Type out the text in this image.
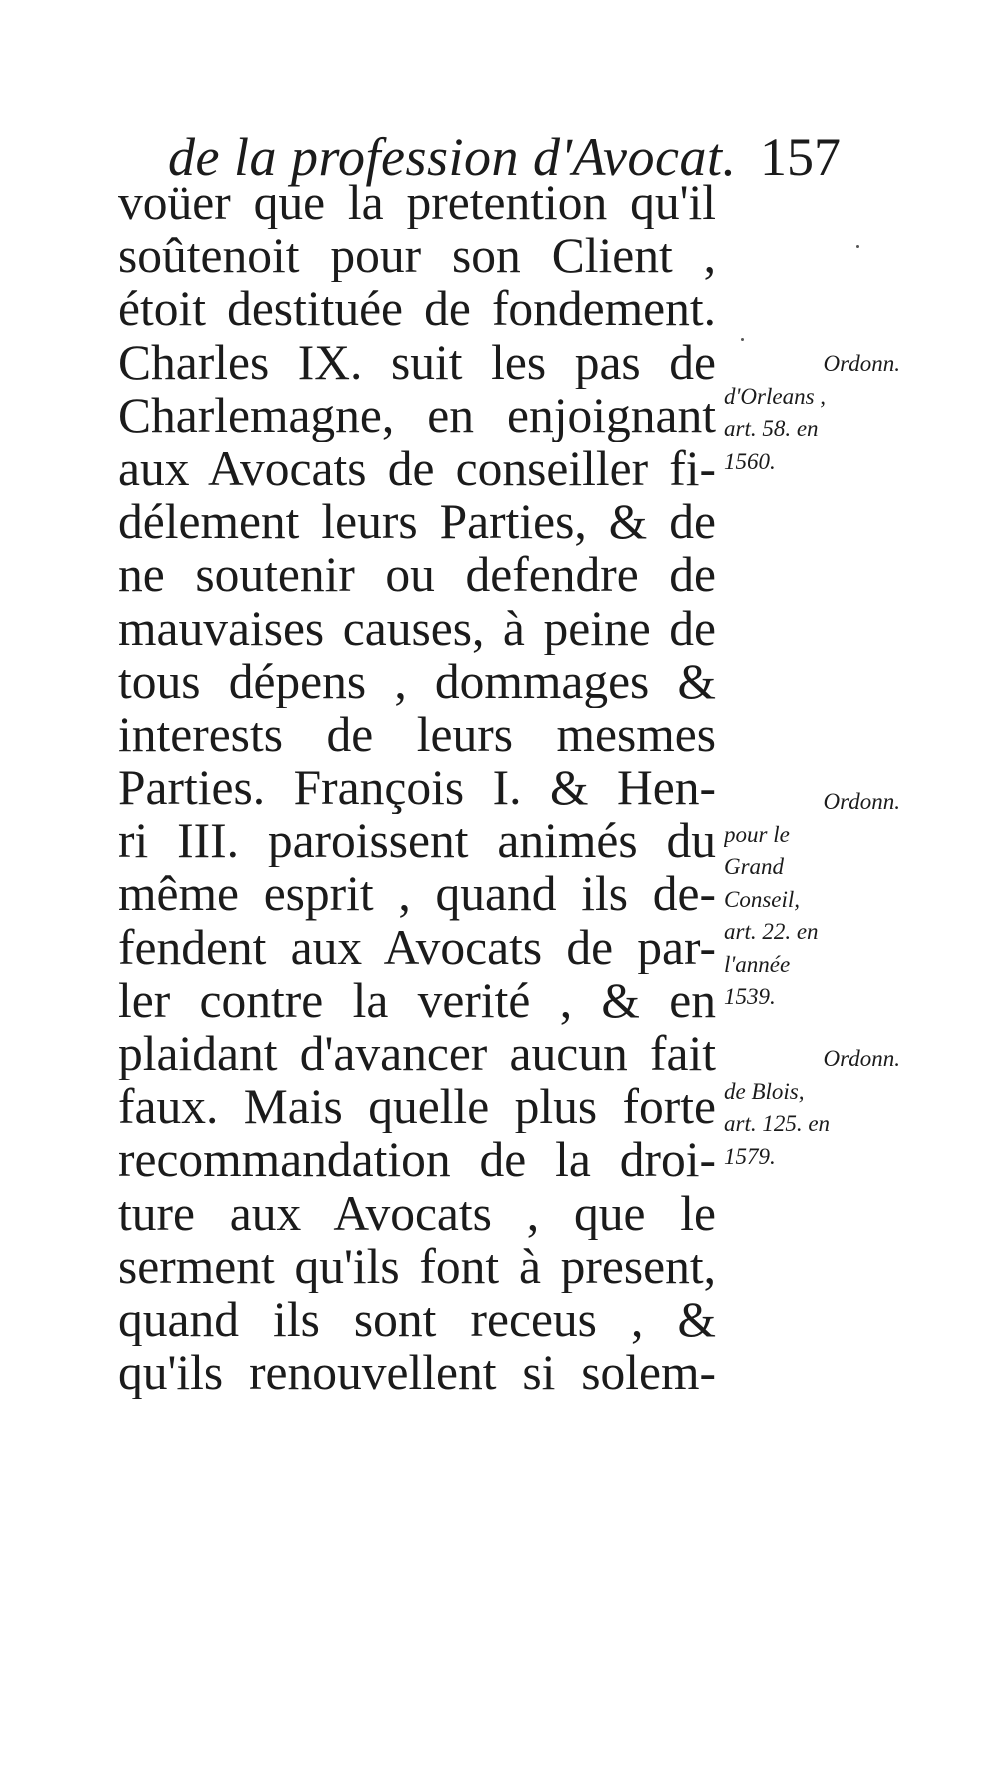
de la profession d'Avocat. 157
voüer que la pretention qu'il
soûtenoit pour son Client ,
étoit destituée de fondement.
Charles IX. suit les pas de
Charlemagne, en enjoignant
aux Avocats de conseiller fi-
délement leurs Parties, & de
ne soutenir ou defendre de
mauvaises causes, à peine de
tous dépens , dommages &
interests de leurs mesmes
Parties. François I. & Hen-
ri III. paroissent animés du
même esprit , quand ils de-
fendent aux Avocats de par-
ler contre la verité , & en
plaidant d'avancer aucun fait
faux. Mais quelle plus forte
recommandation de la droi-
ture aux Avocats , que le
serment qu'ils font à present,
quand ils sont receus , &
qu'ils renouvellent si solem-
Ordonn.
d'Orleans ,
art. 58. en
1560.
Ordonn.
pour le
Grand
Conseil,
art. 22. en
l'année
1539.
Ordonn.
de Blois,
art. 125. en
1579.
